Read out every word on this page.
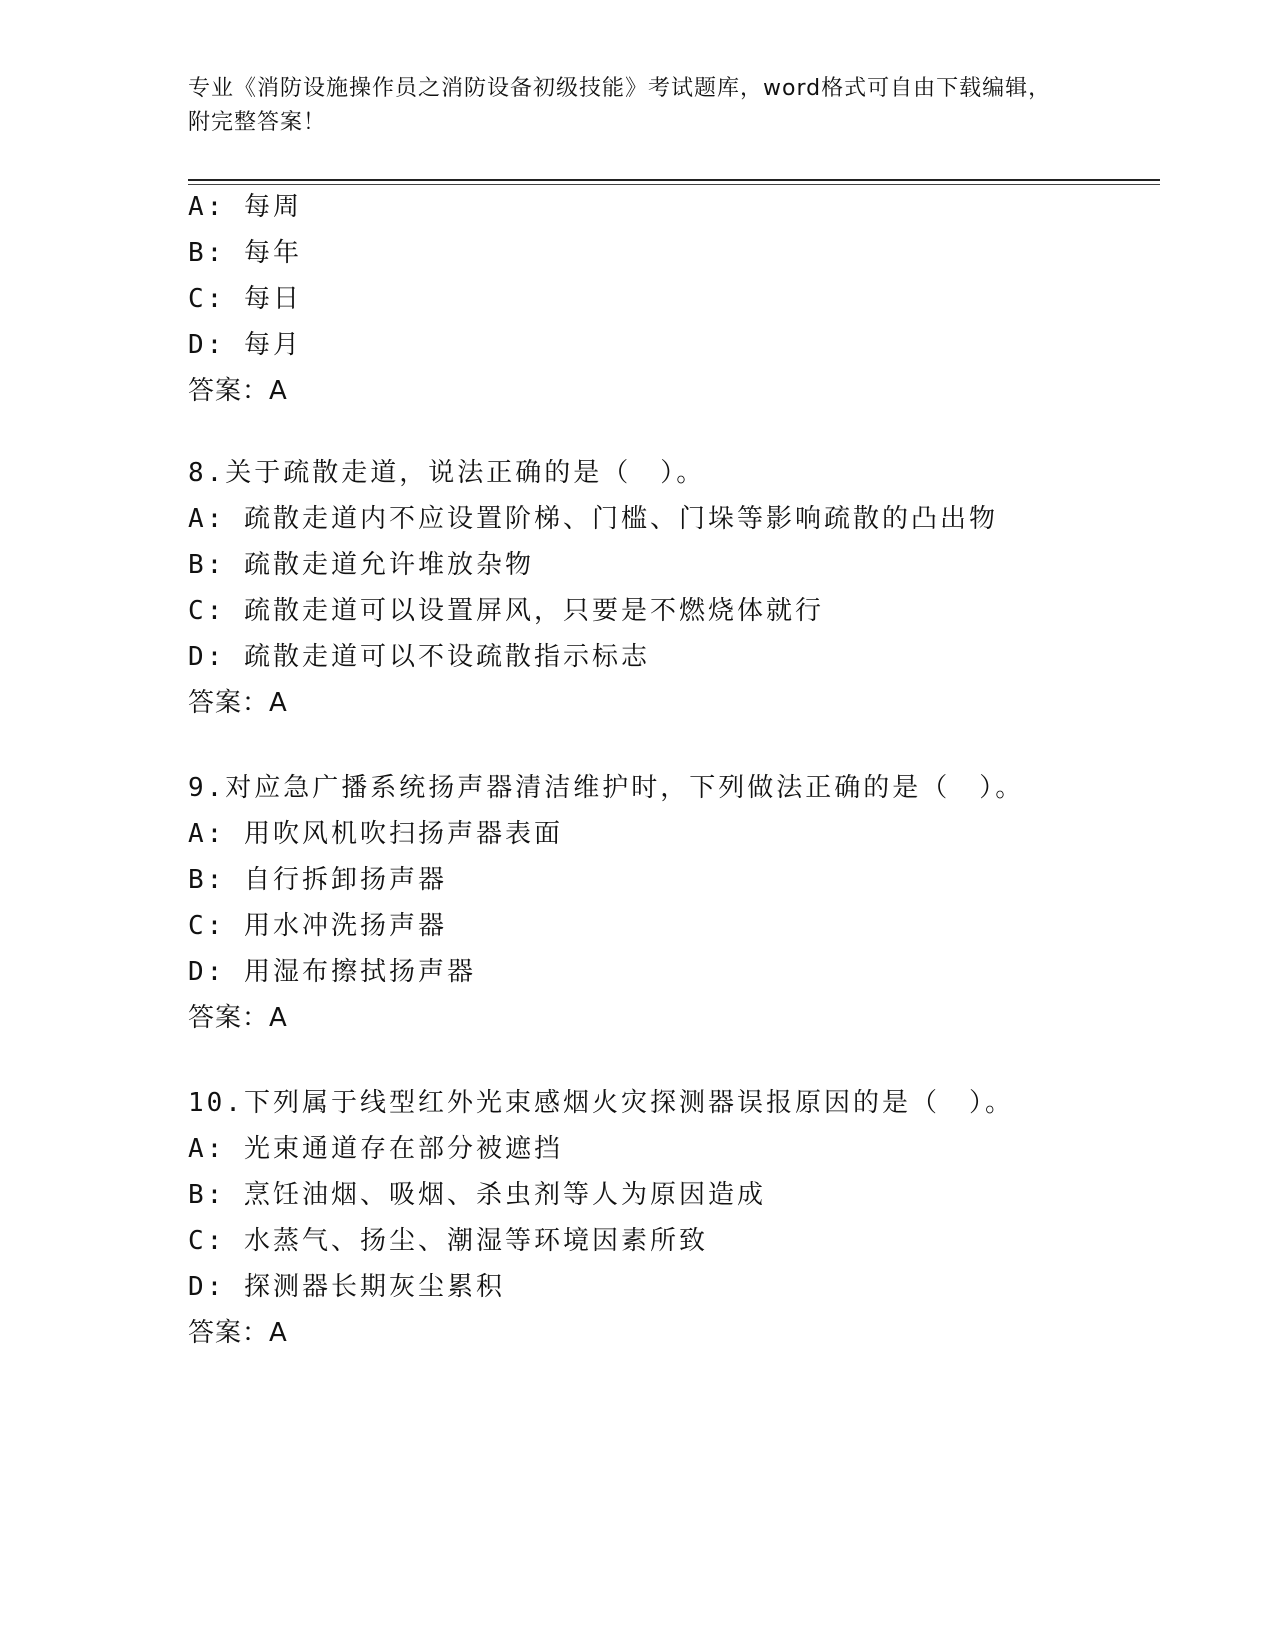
专业《消防设施操作员之消防设备初级技能》考试题库，word格式可自由下载编辑，附完整答案！
A: 每周
B: 每年
C: 每日
D: 每月
答案：A
8.关于疏散走道，说法正确的是（　）。
A: 疏散走道内不应设置阶梯、门槛、门垛等影响疏散的凸出物
B: 疏散走道允许堆放杂物
C: 疏散走道可以设置屏风，只要是不燃烧体就行
D: 疏散走道可以不设疏散指示标志
答案：A
9.对应急广播系统扬声器清洁维护时，下列做法正确的是（　）。
A: 用吹风机吹扫扬声器表面
B: 自行拆卸扬声器
C: 用水冲洗扬声器
D: 用湿布擦拭扬声器
答案：A
10.下列属于线型红外光束感烟火灾探测器误报原因的是（　）。
A: 光束通道存在部分被遮挡
B: 烹饪油烟、吸烟、杀虫剂等人为原因造成
C: 水蒸气、扬尘、潮湿等环境因素所致
D: 探测器长期灰尘累积
答案：A
